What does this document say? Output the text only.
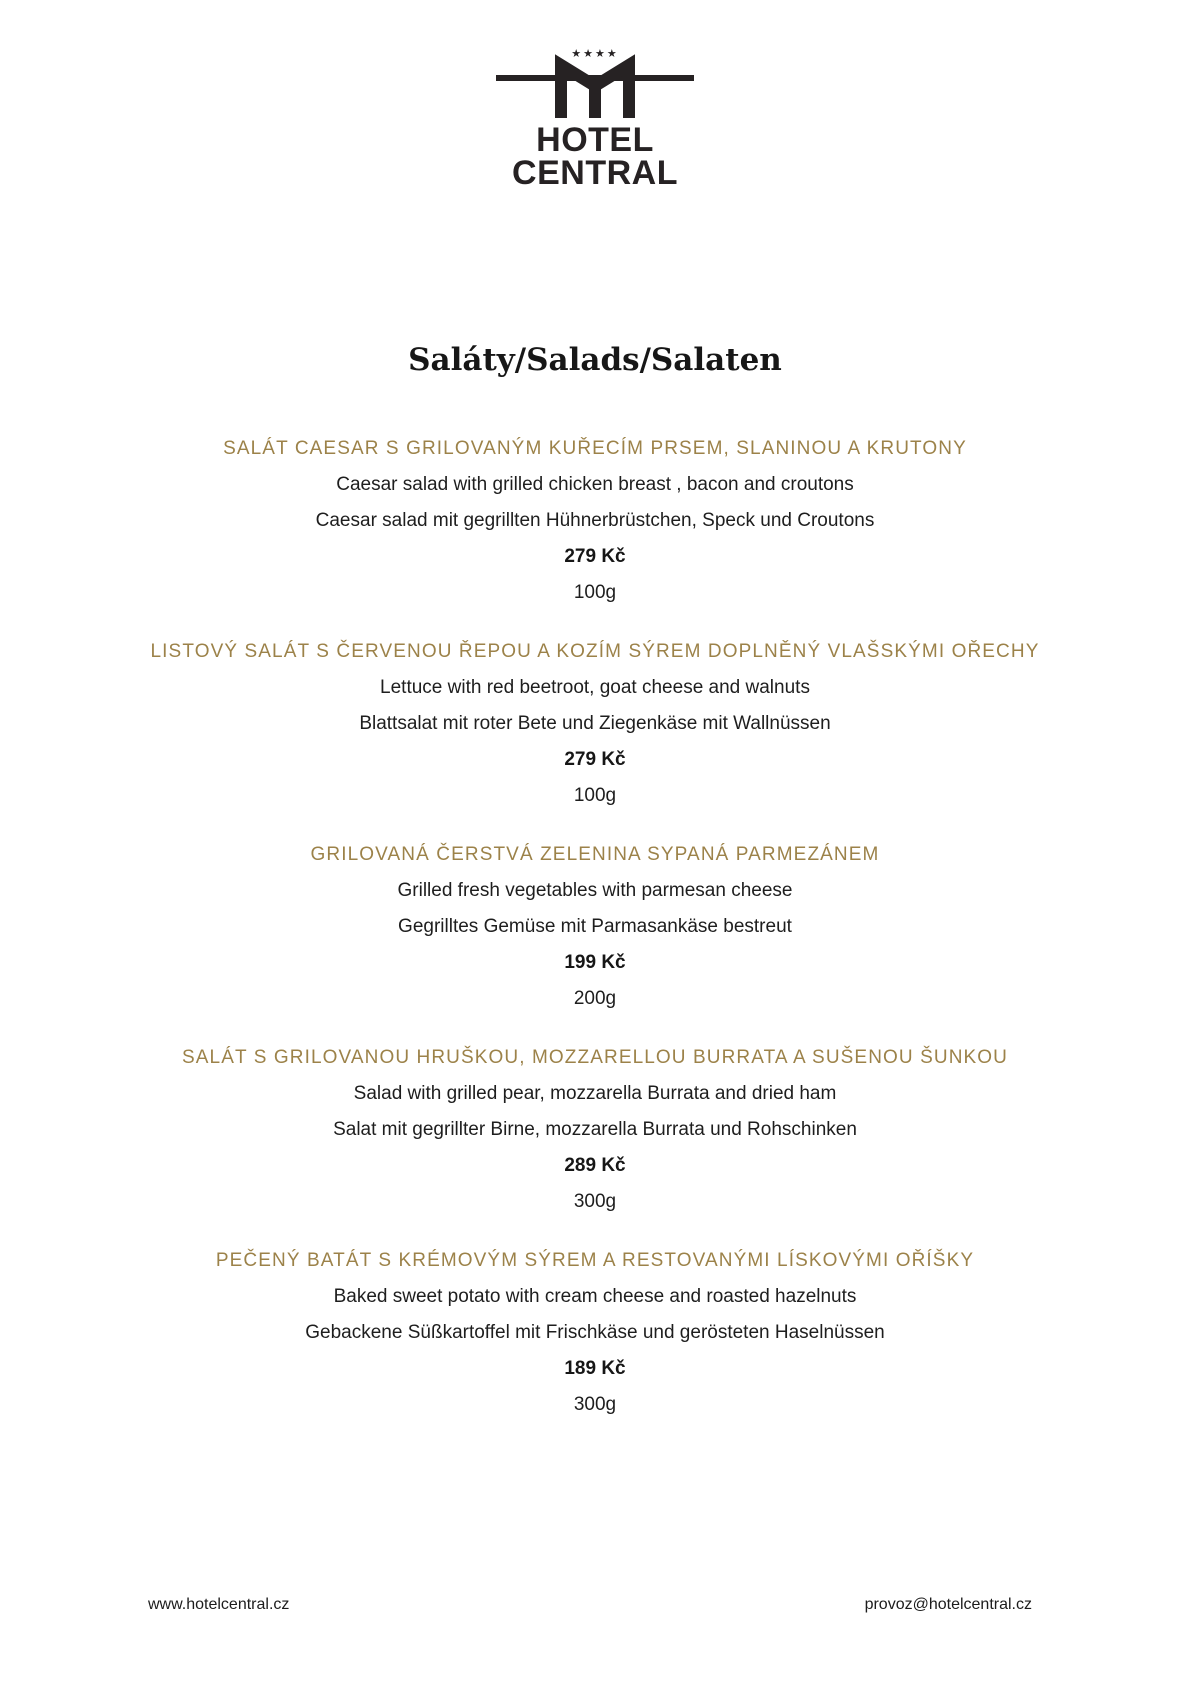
★★★★
HOTEL
CENTRAL
Saláty/Salads/Salaten
SALÁT CAESAR S GRILOVANÝM KUŘECÍM PRSEM, SLANINOU A KRUTONY
Caesar salad with grilled chicken breast , bacon and croutons
Caesar salad mit gegrillten Hühnerbrüstchen, Speck und Croutons
279 Kč
100g
LISTOVÝ SALÁT S ČERVENOU ŘEPOU A KOZÍM SÝREM DOPLNĚNÝ VLAŠSKÝMI OŘECHY
Lettuce with red beetroot, goat cheese and walnuts
Blattsalat mit roter Bete und Ziegenkäse mit Wallnüssen
279 Kč
100g
GRILOVANÁ ČERSTVÁ ZELENINA SYPANÁ PARMEZÁNEM
Grilled fresh vegetables with parmesan cheese
Gegrilltes Gemüse mit Parmasankäse bestreut
199 Kč
200g
SALÁT S GRILOVANOU HRUŠKOU, MOZZARELLOU BURRATA A SUŠENOU ŠUNKOU
Salad with grilled pear, mozzarella Burrata and dried ham
Salat mit gegrillter Birne, mozzarella Burrata und Rohschinken
289 Kč
300g
PEČENÝ BATÁT S KRÉMOVÝM SÝREM A RESTOVANÝMI LÍSKOVÝMI OŘÍŠKY
Baked sweet potato with cream cheese and roasted hazelnuts
Gebackene Süßkartoffel mit Frischkäse und gerösteten Haselnüssen
189 Kč
300g
www.hotelcentral.cz	provoz@hotelcentral.cz
